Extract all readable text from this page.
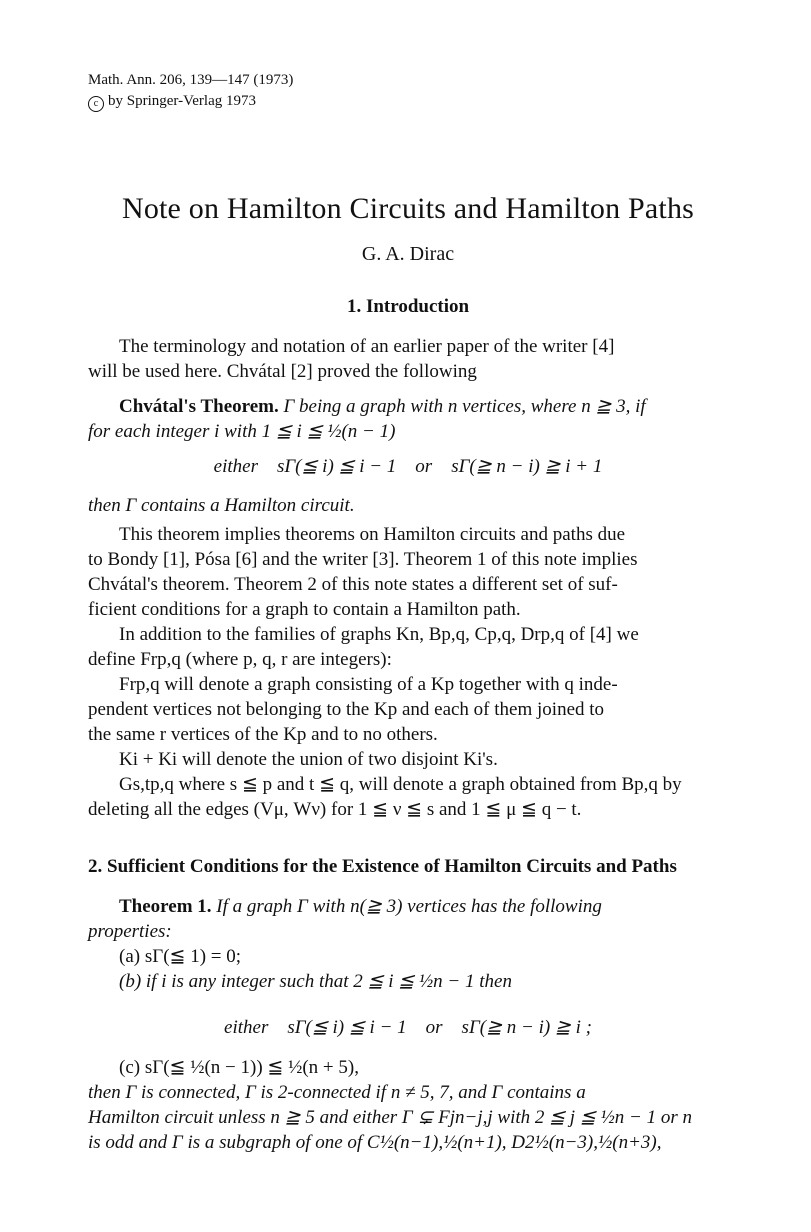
Math. Ann. 206, 139—147 (1973)
c by Springer-Verlag 1973
Note on Hamilton Circuits and Hamilton Paths
G. A. Dirac
1. Introduction
The terminology and notation of an earlier paper of the writer [4]
will be used here. Chvátal [2] proved the following
Chvátal's Theorem. Γ being a graph with n vertices, where n ≧ 3, if
for each integer i with 1 ≦ i ≦ ½(n − 1)
either    sΓ(≦ i) ≦ i − 1    or    sΓ(≧ n − i) ≧ i + 1
then Γ contains a Hamilton circuit.
This theorem implies theorems on Hamilton circuits and paths due
to Bondy [1], Pósa [6] and the writer [3]. Theorem 1 of this note implies
Chvátal's theorem. Theorem 2 of this note states a different set of suf-
ficient conditions for a graph to contain a Hamilton path.
In addition to the families of graphs Kn, Bp,q, Cp,q, Drp,q of [4] we
define Frp,q (where p, q, r are integers):
Frp,q will denote a graph consisting of a Kp together with q inde-
pendent vertices not belonging to the Kp and each of them joined to
the same r vertices of the Kp and to no others.
Ki + Ki will denote the union of two disjoint Ki's.
Gs,tp,q where s ≦ p and t ≦ q, will denote a graph obtained from Bp,q by
deleting all the edges (Vμ, Wν) for 1 ≦ ν ≦ s and 1 ≦ μ ≦ q − t.
2. Sufficient Conditions for the Existence of Hamilton Circuits and Paths
Theorem 1. If a graph Γ with n(≧ 3) vertices has the following
properties:
(a) sΓ(≦ 1) = 0;
(b) if i is any integer such that 2 ≦ i ≦ ½n − 1 then
either    sΓ(≦ i) ≦ i − 1    or    sΓ(≧ n − i) ≧ i ;
(c) sΓ(≦ ½(n − 1)) ≦ ½(n + 5),
then Γ is connected, Γ is 2-connected if n ≠ 5, 7, and Γ contains a
Hamilton circuit unless n ≧ 5 and either Γ ⊊ Fjn−j,j with 2 ≦ j ≦ ½n − 1 or n
is odd and Γ is a subgraph of one of C½(n−1),½(n+1), D2½(n−3),½(n+3),
